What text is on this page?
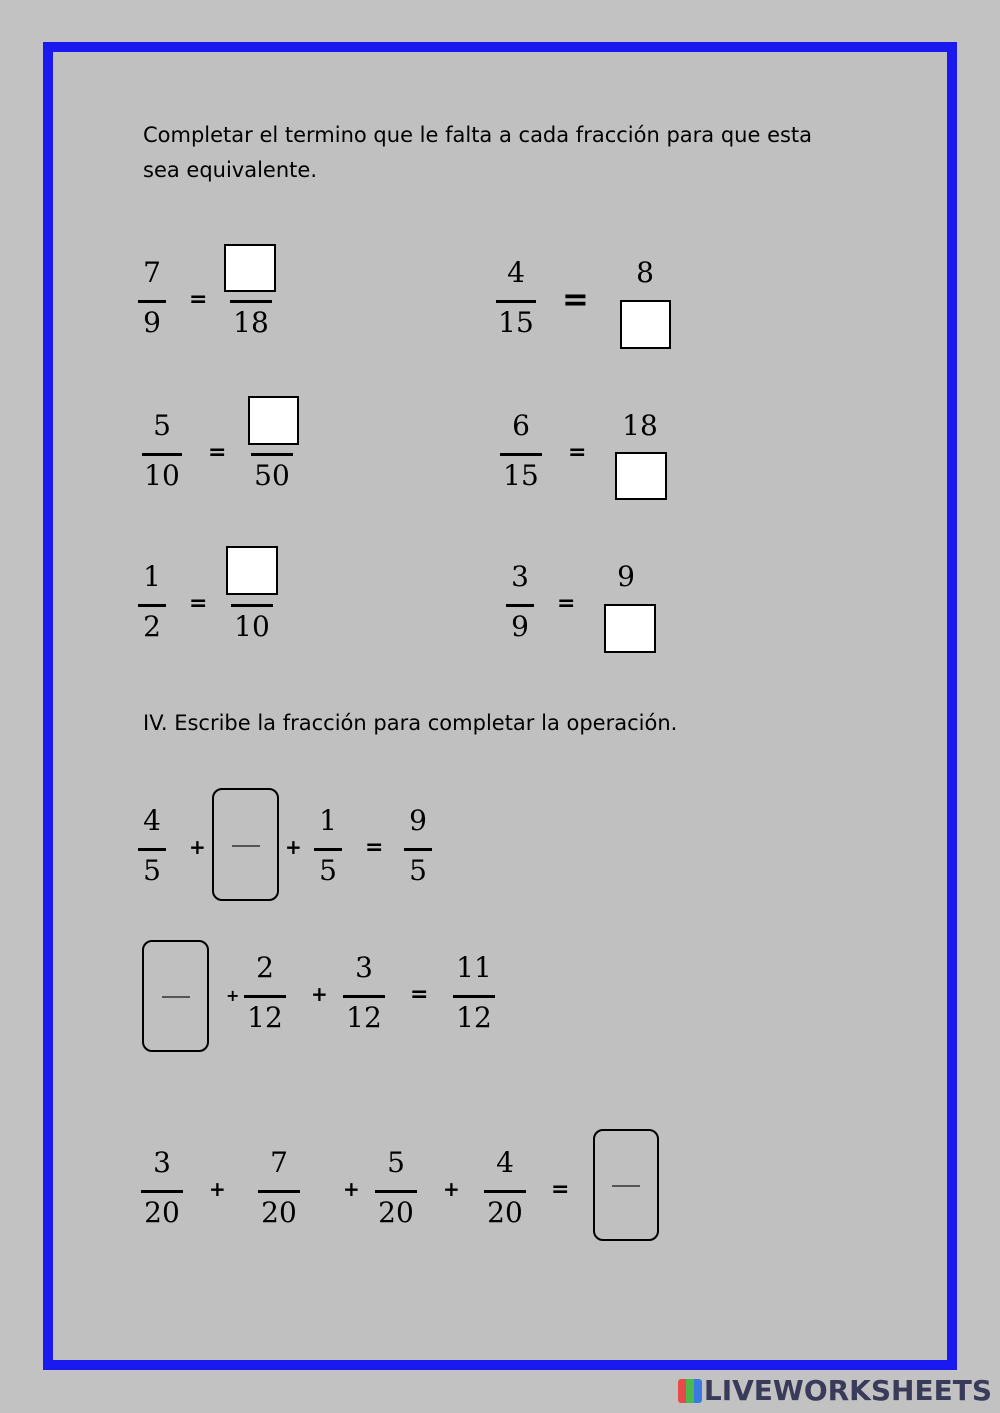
Completar el termino que le falta a cada fracción para que esta
sea equivalente.
7
9
=
18
4
15
=
8
5
10
=
50
6
15
=
18
1
2
=
10
3
9
=
9
IV. Escribe la fracción para completar la operación.
4
5
+	+
1
5
=
9
5
+
2
12
+
3
12
=
11
12
3
20
+
7
20
+
5
20
+
4
20
=
LIVEWORKSHEETS
